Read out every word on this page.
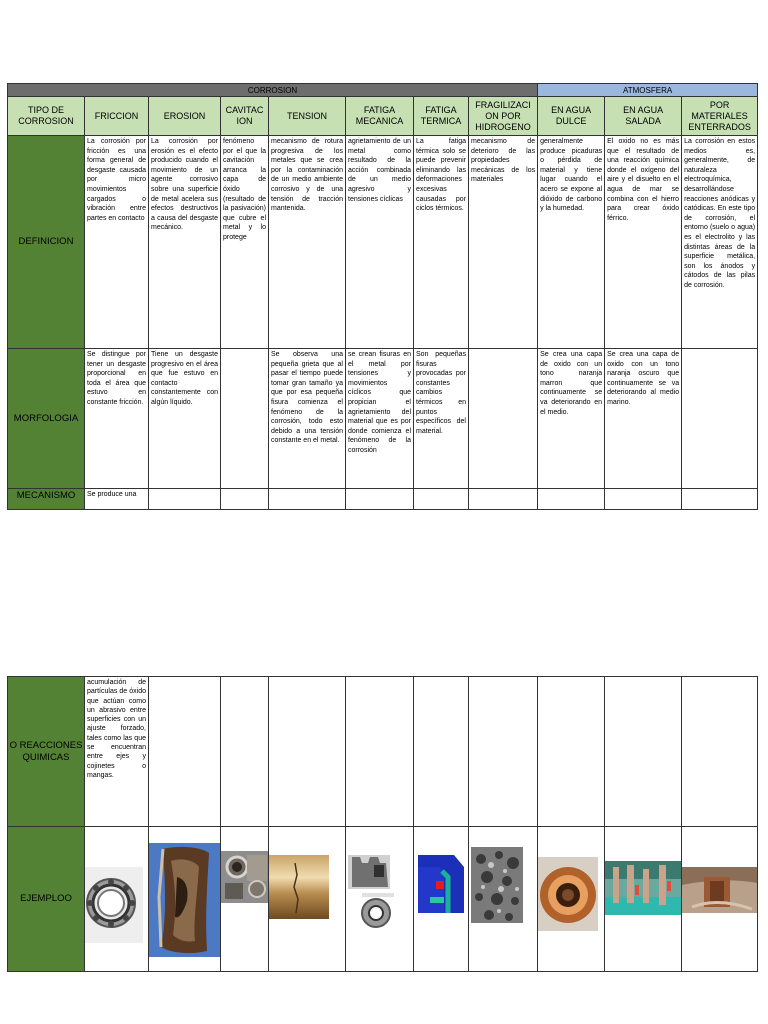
CORROSION								ATMOSFERA		
TIPO DE CORROSION	FRICCION	EROSION	CAVITAC ION	TENSION	FATIGA MECANICA	FATIGA TERMICA	FRAGILIZACI ON POR HIDROGENO	EN AGUA DULCE	EN AGUA SALADA	POR MATERIALES ENTERRADOS
DEFINICION	La corrosión por fricción es una forma general de desgaste causada por micro movimientos cargados o vibración entre partes en contacto	La corrosión por erosión es el efecto producido cuando el movimiento de un agente corrosivo sobre una superficie de metal acelera sus efectos destructivos a causa del desgaste mecánico.	fenómeno por el que la cavitación arranca la capa de óxido (resultado de la pasivación) que cubre el metal y lo protege	mecanismo de rotura progresiva de los metales que se crea por la contaminación de un medio ambiente corrosivo y de una tensión de tracción mantenida.	agrietamiento de un metal como resultado de la acción combinada de un medio agresivo y tensiones cíclicas	La fatiga térmica solo se puede prevenir eliminando las deformaciones excesivas causadas por ciclos térmicos.	mecanismo de deterioro de las propiedades mecánicas de los materiales	generalmente produce picaduras o pérdida de material y tiene lugar cuando el acero se expone al dióxido de carbono y la humedad.	El oxido no es más que el resultado de una reacción química donde el oxígeno del aire y el disuelto en el agua de mar se combina con el hierro para crear óxido férrico.	La corrosión en estos medios es, generalmente, de naturaleza electroquímica, desarrollándose reacciones anódicas y catódicas. En este tipo de corrosión, el entorno (suelo o agua) es el electrolito y las distintas áreas de la superficie metálica, son los ánodos y cátodos de las pilas de corrosión.
MORFOLOGIA	Se distingue por tener un desgaste proporcional en toda el área que estuvo en constante fricción.	Tiene un desgaste progresivo en el área que fue estuvo en contacto constantemente con algún líquido.		Se observa una pequeña grieta que al pasar el tiempo puede tomar gran tamaño ya que por esa pequeña fisura comienza el fenómeno de la corrosión, todo esto debido a una tensión constante en el metal.	se crean fisuras en el metal por tensiones y movimientos cíclicos que propician el agrietamiento del material que es por donde comienza el fenómeno de la corrosión	Son pequeñas fisuras provocadas por constantes cambios térmicos en puntos específicos del material.		Se crea una capa de oxido con un tono naranja marron que continuamente se va deteriorando en el medio.	Se crea una capa de oxido con un tono naranja oscuro que continuamente se va deteriorando al medio marino.	
MECANISMO	Se produce una									
O REACCIONES QUIMICAS	acumulación de partículas de óxido que actúan como un abrasivo entre superficies con un ajuste forzado, tales como las que se encuentran entre ejes y cojinetes o mangas.									
EJEMPLOO	
